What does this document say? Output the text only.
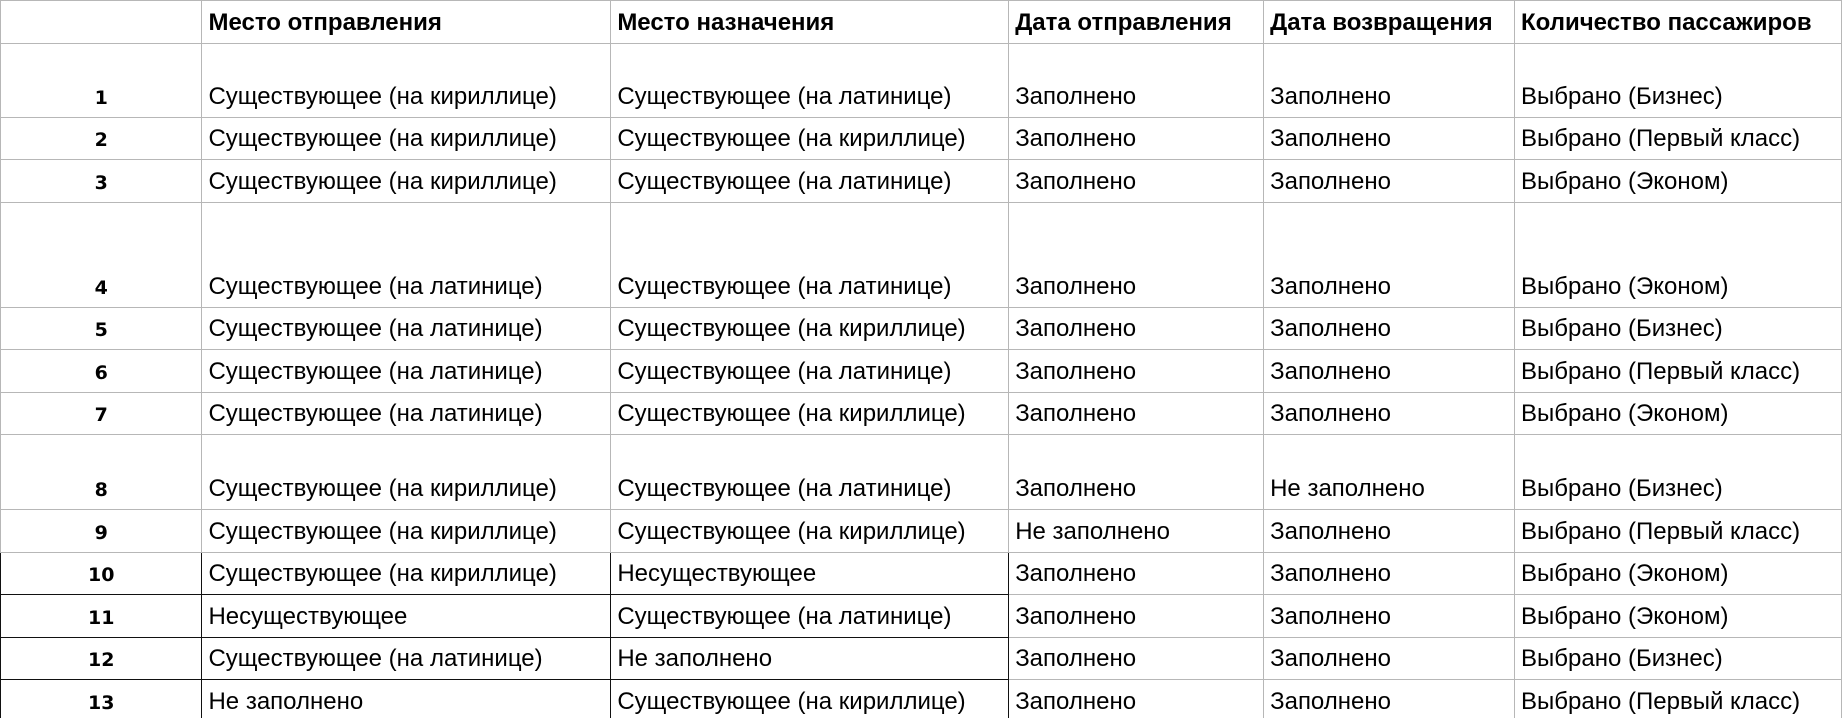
	Место отправления	Место назначения	Дата отправления	Дата возвращения	Количество пассажиров
1	Существующее (на кириллице)	Существующее (на латинице)	Заполнено	Заполнено	Выбрано (Бизнес)
2	Существующее (на кириллице)	Существующее (на кириллице)	Заполнено	Заполнено	Выбрано (Первый класс)
3	Существующее (на кириллице)	Существующее (на латинице)	Заполнено	Заполнено	Выбрано (Эконом)
4	Существующее (на латинице)	Существующее (на латинице)	Заполнено	Заполнено	Выбрано (Эконом)
5	Существующее (на латинице)	Существующее (на кириллице)	Заполнено	Заполнено	Выбрано (Бизнес)
6	Существующее (на латинице)	Существующее (на латинице)	Заполнено	Заполнено	Выбрано (Первый класс)
7	Существующее (на латинице)	Существующее (на кириллице)	Заполнено	Заполнено	Выбрано (Эконом)
8	Существующее (на кириллице)	Существующее (на латинице)	Заполнено	Не заполнено	Выбрано (Бизнес)
9	Существующее (на кириллице)	Существующее (на кириллице)	Не заполнено	Заполнено	Выбрано (Первый класс)
10	Существующее (на кириллице)	Несуществующее	Заполнено	Заполнено	Выбрано (Эконом)
11	Несуществующее	Существующее (на латинице)	Заполнено	Заполнено	Выбрано (Эконом)
12	Существующее (на латинице)	Не заполнено	Заполнено	Заполнено	Выбрано (Бизнес)
13	Не заполнено	Существующее (на кириллице)	Заполнено	Заполнено	Выбрано (Первый класс)
